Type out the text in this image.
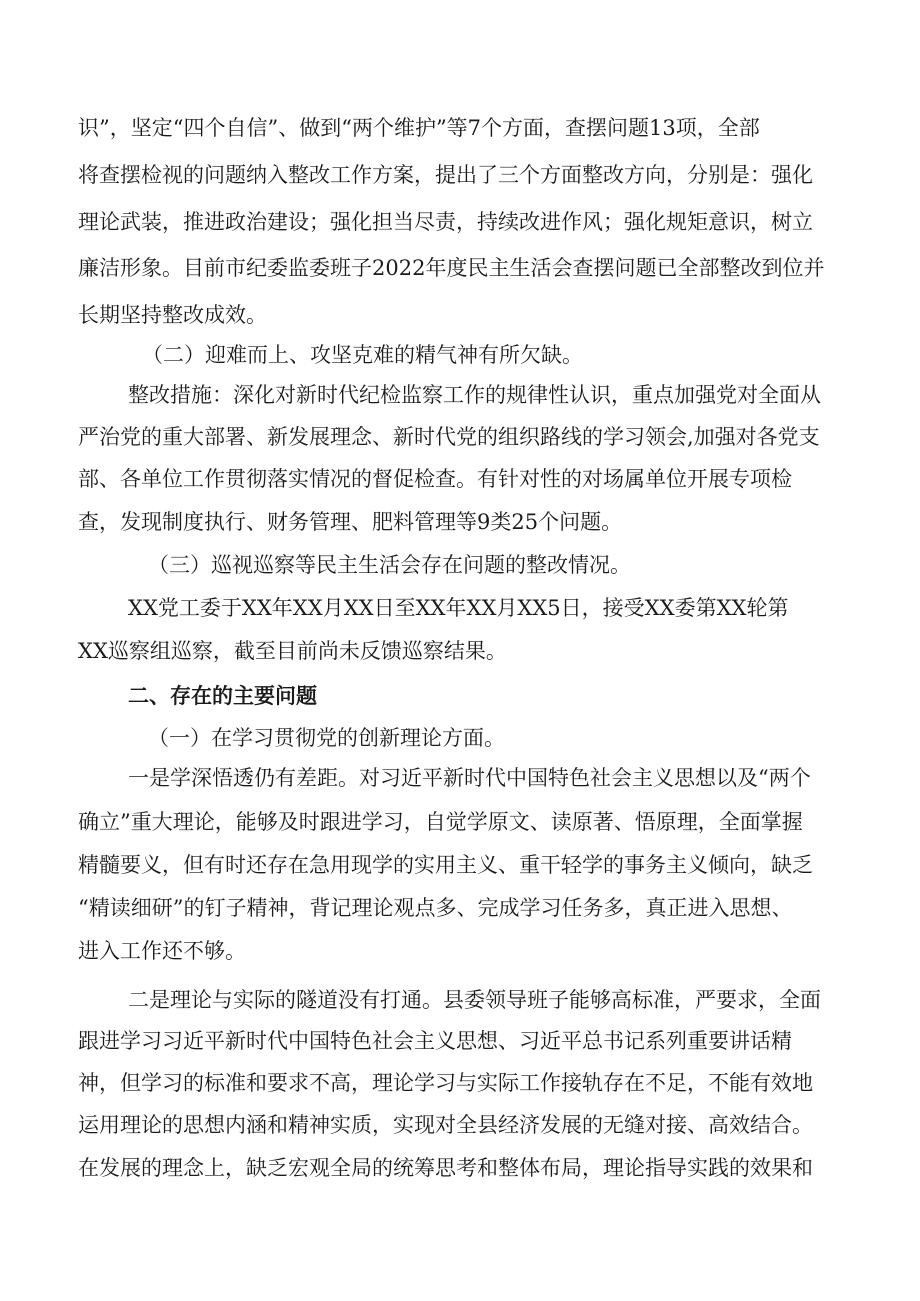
识”，坚定“四个自信”、做到“两个维护”等7个方面，查摆问题13项，全部
将查摆检视的问题纳入整改工作方案，提出了三个方面整改方向，分别是：强化
理论武装，推进政治建设；强化担当尽责，持续改进作风；强化规矩意识，树立
廉洁形象。目前市纪委监委班子2022年度民主生活会查摆问题已全部整改到位并
长期坚持整改成效。
（二）迎难而上、攻坚克难的精气神有所欠缺。
整改措施：深化对新时代纪检监察工作的规律性认识，重点加强党对全面从
严治党的重大部署、新发展理念、新时代党的组织路线的学习领会,加强对各党支
部、各单位工作贯彻落实情况的督促检查。有针对性的对场属单位开展专项检
查，发现制度执行、财务管理、肥料管理等9类25个问题。
（三）巡视巡察等民主生活会存在问题的整改情况。
XX党工委于XX年XX月XX日至XX年XX月XX5日，接受XX委第XX轮第
XX巡察组巡察，截至目前尚未反馈巡察结果。
二、存在的主要问题
（一）在学习贯彻党的创新理论方面。
一是学深悟透仍有差距。对习近平新时代中国特色社会主义思想以及“两个
确立”重大理论，能够及时跟进学习，自觉学原文、读原著、悟原理，全面掌握
精髓要义，但有时还存在急用现学的实用主义、重干轻学的事务主义倾向，缺乏
“精读细研”的钉子精神，背记理论观点多、完成学习任务多，真正进入思想、
进入工作还不够。
二是理论与实际的隧道没有打通。县委领导班子能够高标准，严要求，全面
跟进学习习近平新时代中国特色社会主义思想、习近平总书记系列重要讲话精
神，但学习的标准和要求不高，理论学习与实际工作接轨存在不足，不能有效地
运用理论的思想内涵和精神实质，实现对全县经济发展的无缝对接、高效结合。
在发展的理念上，缺乏宏观全局的统筹思考和整体布局，理论指导实践的效果和
